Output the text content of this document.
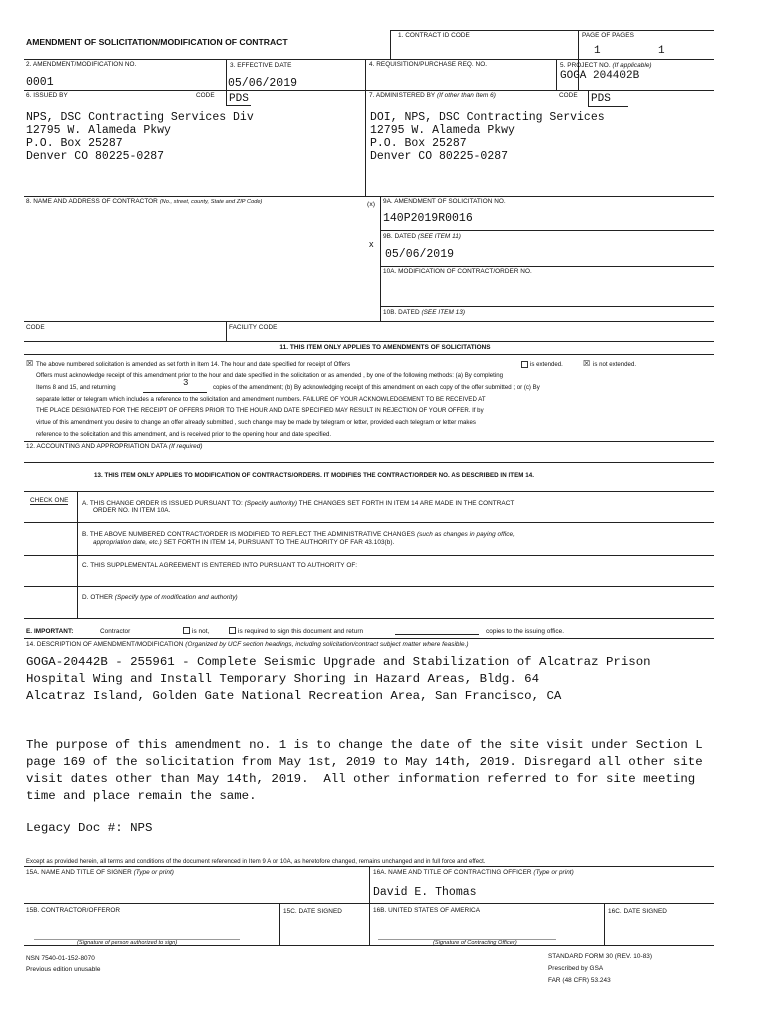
AMENDMENT OF SOLICITATION/MODIFICATION OF CONTRACT
1. CONTRACT ID CODE	PAGE OF PAGES
1	1
2. AMENDMENT/MODIFICATION NO.
0001
3. EFFECTIVE DATE
05/06/2019
4. REQUISITION/PURCHASE REQ. NO.	5. PROJECT NO. (If applicable)
GOGA 204402B
6. ISSUED BY	CODE PDS	7. ADMINISTERED BY (If other than Item 6)	CODE PDS
NPS, DSC Contracting Services Div
12795 W. Alameda Pkwy
P.O. Box 25287
Denver CO 80225-0287
DOI, NPS, DSC Contracting Services
12795 W. Alameda Pkwy
P.O. Box 25287
Denver CO 80225-0287
8. NAME AND ADDRESS OF CONTRACTOR (No., street, county, State and ZIP Code)	(x) 9A. AMENDMENT OF SOLICITATION NO.
140P2019R0016
x
9B. DATED (SEE ITEM 11)
05/06/2019
10A. MODIFICATION OF CONTRACT/ORDER NO.
10B. DATED (SEE ITEM 13)
CODE	FACILITY CODE
11. THIS ITEM ONLY APPLIES TO AMENDMENTS OF SOLICITATIONS
☒ The above numbered solicitation is amended as set forth in Item 14. The hour and date specified for receipt of Offers	is extended.	☒ is not extended.
Offers must acknowledge receipt of this amendment prior to the hour and date specified in the solicitation or as amended , by one of the following methods: (a) By completing
Items 8 and 15, and returning	3	copies of the amendment; (b) By acknowledging receipt of this amendment on each copy of the offer submitted ; or (c) By
separate letter or telegram which includes a reference to the solicitation and amendment numbers. FAILURE OF YOUR ACKNOWLEDGEMENT TO BE RECEIVED AT
THE PLACE DESIGNATED FOR THE RECEIPT OF OFFERS PRIOR TO THE HOUR AND DATE SPECIFIED MAY RESULT IN REJECTION OF YOUR OFFER. If by
virtue of this amendment you desire to change an offer already submitted , such change may be made by telegram or letter, provided each telegram or letter makes
reference to the solicitation and this amendment, and is received prior to the opening hour and date specified.
12. ACCOUNTING AND APPROPRIATION DATA (If required)
13. THIS ITEM ONLY APPLIES TO MODIFICATION OF CONTRACTS/ORDERS. IT MODIFIES THE CONTRACT/ORDER NO. AS DESCRIBED IN ITEM 14.
CHECK ONE A. THIS CHANGE ORDER IS ISSUED PURSUANT TO: (Specify authority) THE CHANGES SET FORTH IN ITEM 14 ARE MADE IN THE CONTRACT
ORDER NO. IN ITEM 10A.
B. THE ABOVE NUMBERED CONTRACT/ORDER IS MODIFIED TO REFLECT THE ADMINISTRATIVE CHANGES (such as changes in paying office,
appropriation date, etc.) SET FORTH IN ITEM 14, PURSUANT TO THE AUTHORITY OF FAR 43.103(b).
C. THIS SUPPLEMENTAL AGREEMENT IS ENTERED INTO PURSUANT TO AUTHORITY OF:
D. OTHER (Specify type of modification and authority)
E. IMPORTANT:	Contractor	is not,	is required to sign this document and return	copies to the issuing office.
14. DESCRIPTION OF AMENDMENT/MODIFICATION (Organized by UCF section headings, including solicitation/contract subject matter where feasible.)
GOGA-20442B - 255961 - Complete Seismic Upgrade and Stabilization of Alcatraz Prison
Hospital Wing and Install Temporary Shoring in Hazard Areas, Bldg. 64
Alcatraz Island, Golden Gate National Recreation Area, San Francisco, CA
The purpose of this amendment no. 1 is to change the date of the site visit under Section L
page 169 of the solicitation from May 1st, 2019 to May 14th, 2019. Disregard all other site
visit dates other than May 14th, 2019.  All other information referred to for site meeting
time and place remain the same.
Legacy Doc #: NPS
Except as provided herein, all terms and conditions of the document referenced in Item 9 A or 10A, as heretofore changed, remains unchanged and in full force and effect.
15A. NAME AND TITLE OF SIGNER (Type or print)	16A. NAME AND TITLE OF CONTRACTING OFFICER (Type or print)
David E. Thomas
15B. CONTRACTOR/OFFEROR	15C. DATE SIGNED	16B. UNITED STATES OF AMERICA	16C. DATE SIGNED
(Signature of person authorized to sign)	(Signature of Contracting Officer)
NSN 7540-01-152-8070
Previous edition unusable
STANDARD FORM 30 (REV. 10-83)
Prescribed by GSA
FAR (48 CFR) 53.243
